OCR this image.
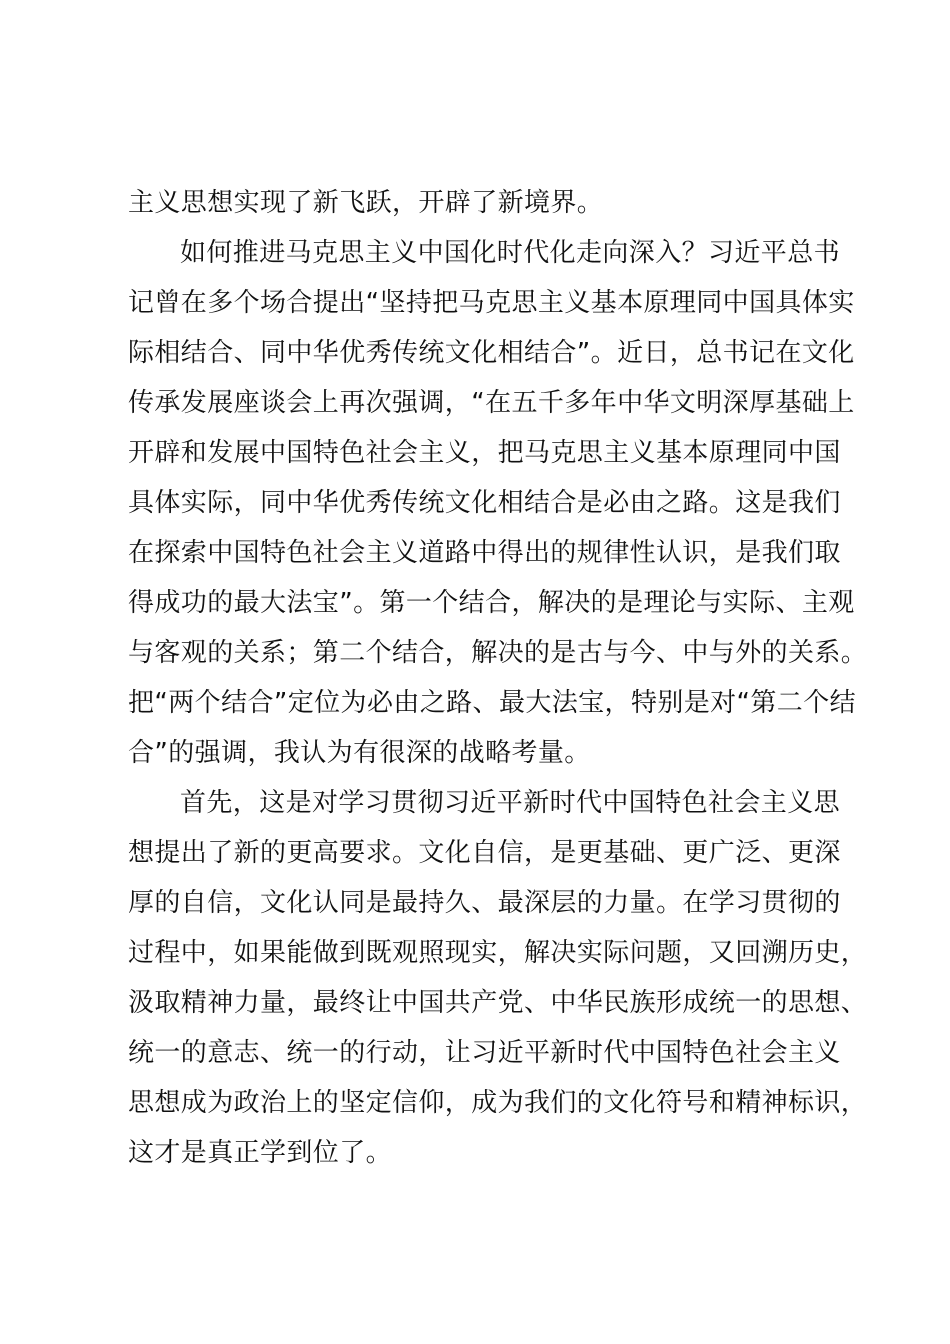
主义思想实现了新飞跃，开辟了新境界。
如何推进马克思主义中国化时代化走向深入？习近平总书
记曾在多个场合提出“坚持把马克思主义基本原理同中国具体实
际相结合、同中华优秀传统文化相结合”。近日，总书记在文化
传承发展座谈会上再次强调，“在五千多年中华文明深厚基础上
开辟和发展中国特色社会主义，把马克思主义基本原理同中国
具体实际，同中华优秀传统文化相结合是必由之路。这是我们
在探索中国特色社会主义道路中得出的规律性认识，是我们取
得成功的最大法宝”。第一个结合，解决的是理论与实际、主观
与客观的关系；第二个结合，解决的是古与今、中与外的关系。
把“两个结合”定位为必由之路、最大法宝，特别是对“第二个结
合”的强调，我认为有很深的战略考量。
首先，这是对学习贯彻习近平新时代中国特色社会主义思
想提出了新的更高要求。文化自信，是更基础、更广泛、更深
厚的自信，文化认同是最持久、最深层的力量。在学习贯彻的
过程中，如果能做到既观照现实，解决实际问题，又回溯历史，
汲取精神力量，最终让中国共产党、中华民族形成统一的思想、
统一的意志、统一的行动，让习近平新时代中国特色社会主义
思想成为政治上的坚定信仰，成为我们的文化符号和精神标识，
这才是真正学到位了。
